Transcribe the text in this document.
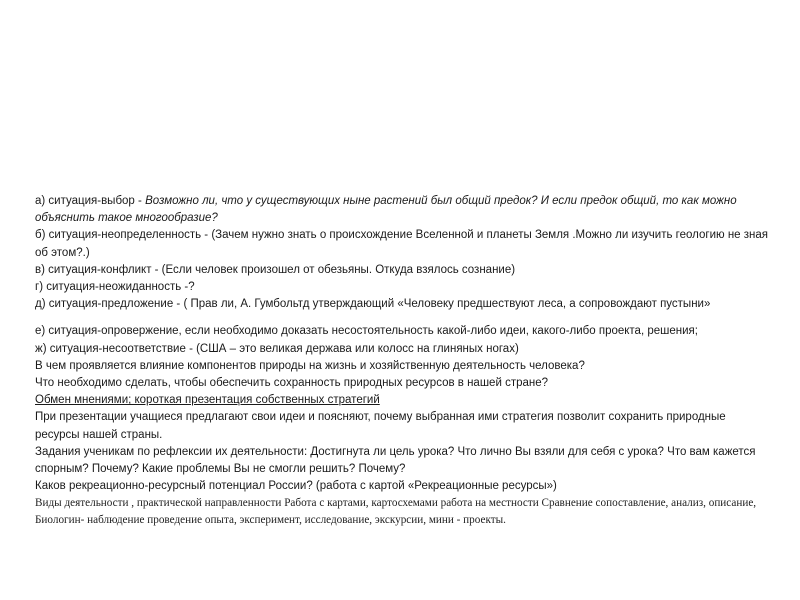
а) ситуация-выбор - Возможно ли, что у существующих ныне растений был общий предок? И если предок общий, то как можно объяснить такое многообразие?

б) ситуация-неопределенность - (Зачем нужно знать о происхождение Вселенной и планеты Земля .Можно ли изучить геологию не зная об этом?.)

в) ситуация-конфликт - (Если человек произошел от обезьяны. Откуда взялось сознание)

г) ситуация-неожиданность -?

д) ситуация-предложение - ( Прав ли, А. Гумбольтд утверждающий «Человеку предшествуют леса, а сопровождают пустыни»

е) ситуация-опровержение, если необходимо доказать несостоятельность какой-либо идеи, какого-либо проекта, решения;

ж) ситуация-несоответствие - (США – это великая держава или колосс на глиняных ногах)

В чем проявляется влияние компонентов природы на жизнь и хозяйственную деятельность человека?

Что необходимо сделать, чтобы обеспечить сохранность природных ресурсов в нашей стране?

Обмен мнениями; короткая презентация собственных стратегий

При презентации учащиеся предлагают свои идеи и поясняют, почему выбранная ими стратегия позволит сохранить природные ресурсы нашей страны.

Задания ученикам по рефлексии их деятельности: Достигнута ли цель урока? Что лично Вы взяли для себя с урока? Что вам кажется спорным? Почему? Какие проблемы Вы не смогли решить? Почему?

Каков рекреационно-ресурсный потенциал России? (работа с картой «Рекреационные ресурсы»)

Виды деятельности , практической направленности Работа с картами, картосхемами работа на местности Сравнение сопоставление, анализ, описание, Биологин- наблюдение проведение опыта, эксперимент, исследование, экскурсии, мини - проекты.
